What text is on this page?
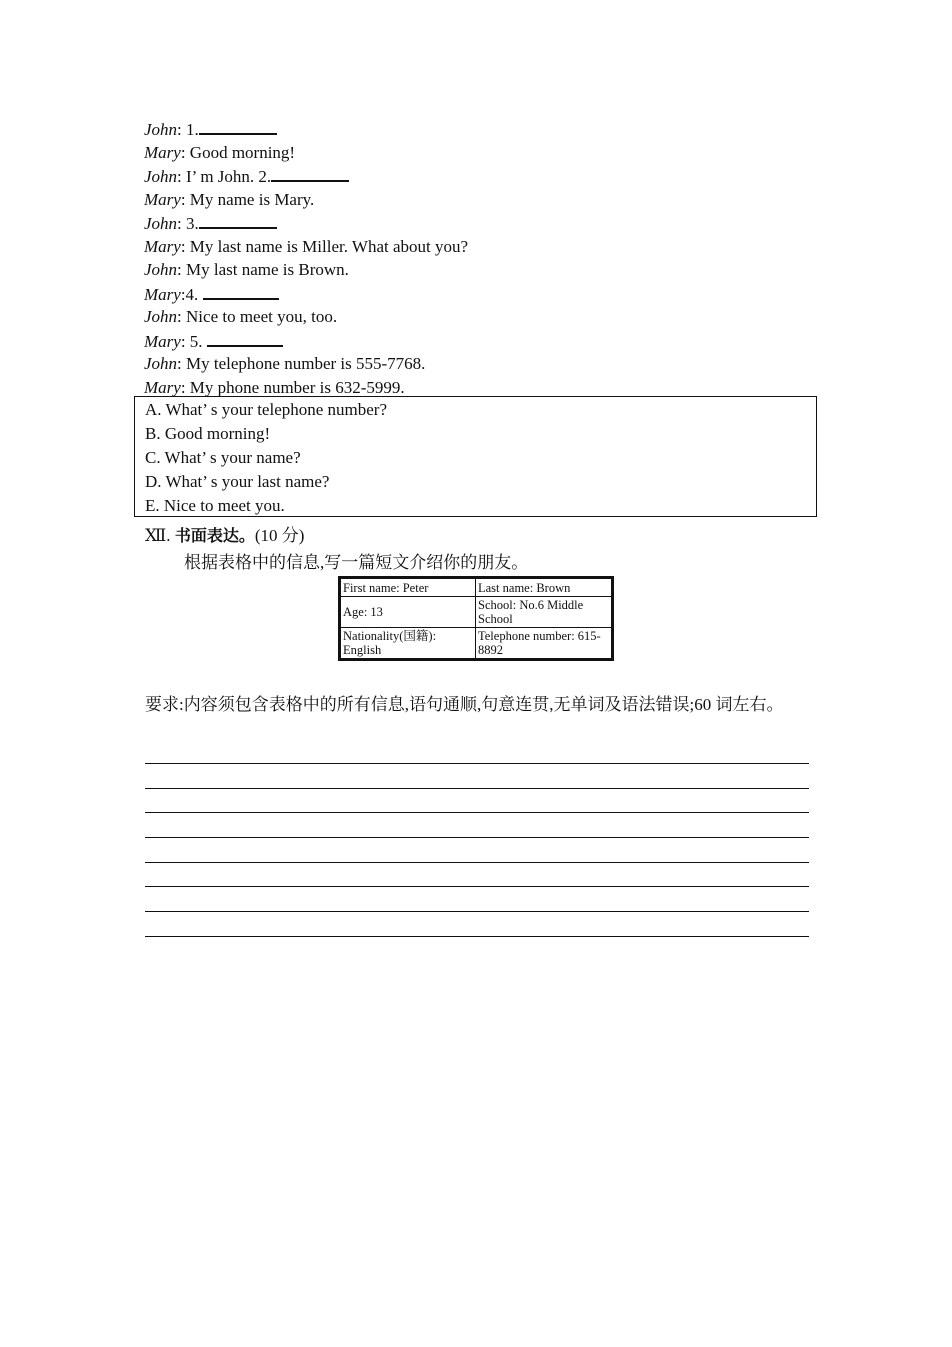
John: 1.
Mary: Good morning!
John: I’ m John. 2.
Mary: My name is Mary.
John: 3.
Mary: My last name is Miller. What about you?
John: My last name is Brown.
Mary:4.
John: Nice to meet you, too.
Mary: 5.
John: My telephone number is 555-7768.
Mary: My phone number is 632-5999.
A. What’ s your telephone number?
B. Good morning!
C. What’ s your name?
D. What’ s your last name?
E. Nice to meet you.
Ⅻ. 书面表达。(10 分)
根据表格中的信息,写一篇短文介绍你的朋友。
First name: Peter	Last name: Brown
Age: 13	School: No.6 Middle School
Nationality(国籍): English	Telephone number: 615-8892
要求:内容须包含表格中的所有信息,语句通顺,句意连贯,无单词及语法错误;60 词左右。
